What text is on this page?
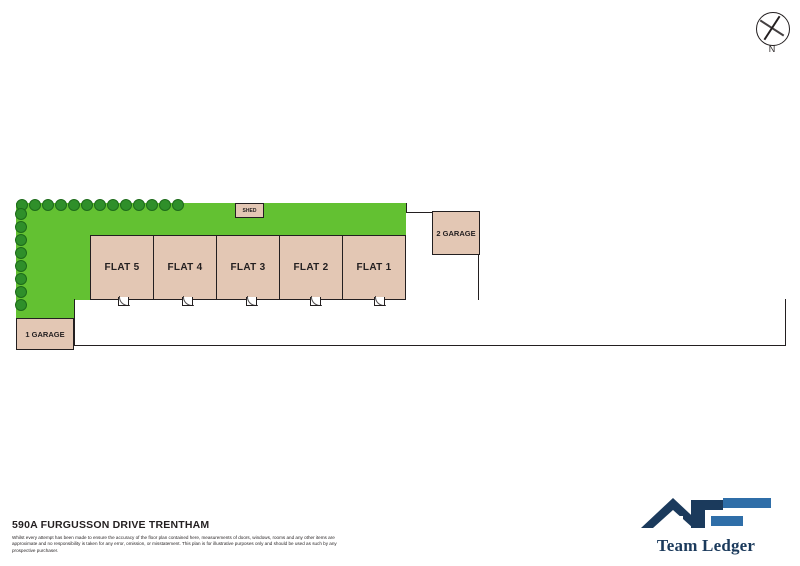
N
FLAT 5	FLAT 4	FLAT 3	FLAT 2	FLAT 1
SHED
2 GARAGE
1 GARAGE
590A FURGUSSON DRIVE TRENTHAM
Whilst every attempt has been made to ensure the accuracy of the floor plan contained here, measurements of doors, windows, rooms and any other items are approximate and no responsibility is taken for any error, omission, or misstatement. This plan is for illustrative purposes only and should be used as such by any prospective purchaser.	Team Ledger
